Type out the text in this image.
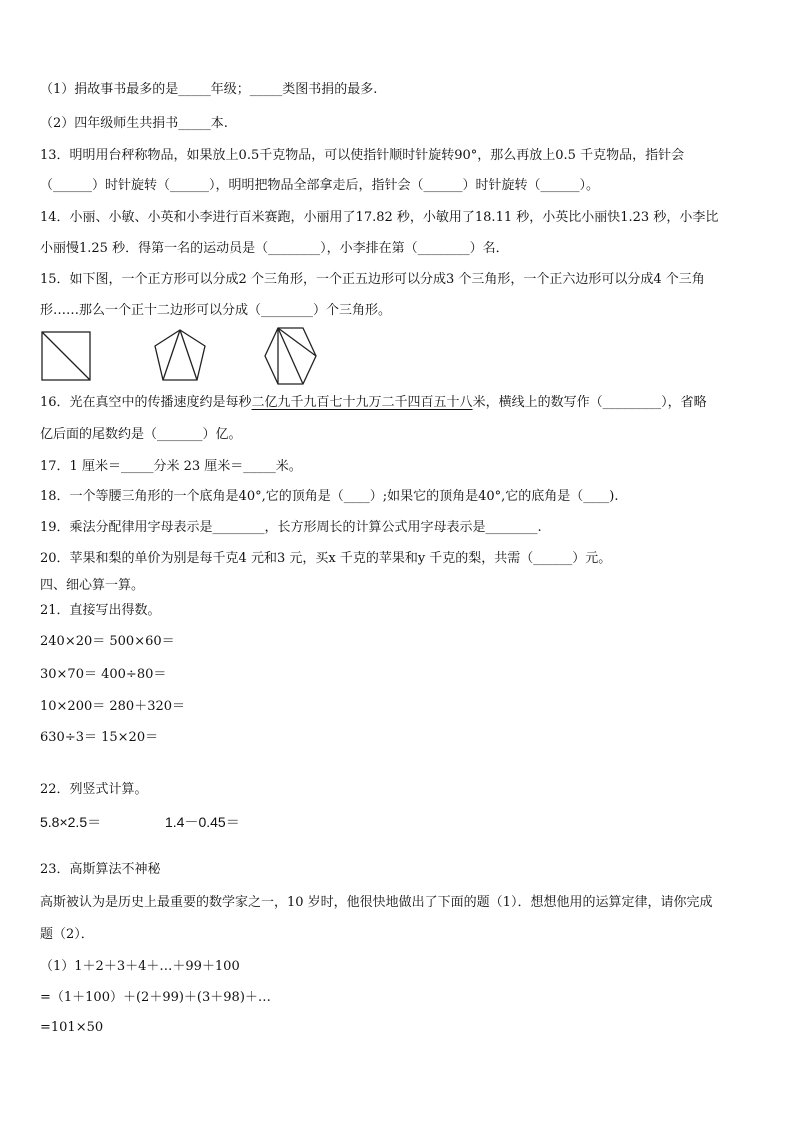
（1）捐故事书最多的是_____年级；_____类图书捐的最多.
（2）四年级师生共捐书_____本.
13．明明用台秤称物品，如果放上0.5千克物品，可以使指针顺时针旋转90°，那么再放上0.5 千克物品，指针会
（______）时针旋转（______），明明把物品全部拿走后，指针会（______）时针旋转（______）。
14．小丽、小敏、小英和小李进行百米赛跑，小丽用了17.82 秒，小敏用了18.11 秒，小英比小丽快1.23 秒，小李比
小丽慢1.25 秒．得第一名的运动员是（________），小李排在第（________）名．
15．如下图，一个正方形可以分成2 个三角形，一个正五边形可以分成3 个三角形，一个正六边形可以分成4 个三角
形……那么一个正十二边形可以分成（________）个三角形。
16．光在真空中的传播速度约是每秒二亿九千九百七十九万二千四百五十八米，横线上的数写作（_________），省略
亿后面的尾数约是（_______）亿。
17．1 厘米＝_____分米 23 厘米＝_____米。
18．一个等腰三角形的一个底角是40°,它的顶角是（____）;如果它的顶角是40°,它的底角是（____).
19．乘法分配律用字母表示是________，长方形周长的计算公式用字母表示是________.
20．苹果和梨的单价为别是每千克4 元和3 元，买x 千克的苹果和y 千克的梨，共需（______）元。
四、细心算一算。
21．直接写出得数。
240×20＝ 500×60＝
30×70＝ 400÷80＝
10×200＝ 280＋320＝
630÷3＝ 15×20＝
22．列竖式计算。
5.8×2.5＝	1.4－0.45＝
23．高斯算法不神秘
高斯被认为是历史上最重要的数学家之一，10 岁时，他很快地做出了下面的题（1）．想想他用的运算定律，请你完成
题（2）．
（1）1＋2＋3＋4＋…＋99＋100
=（1＋100）＋(2＋99)＋(3＋98)＋…
=101×50
